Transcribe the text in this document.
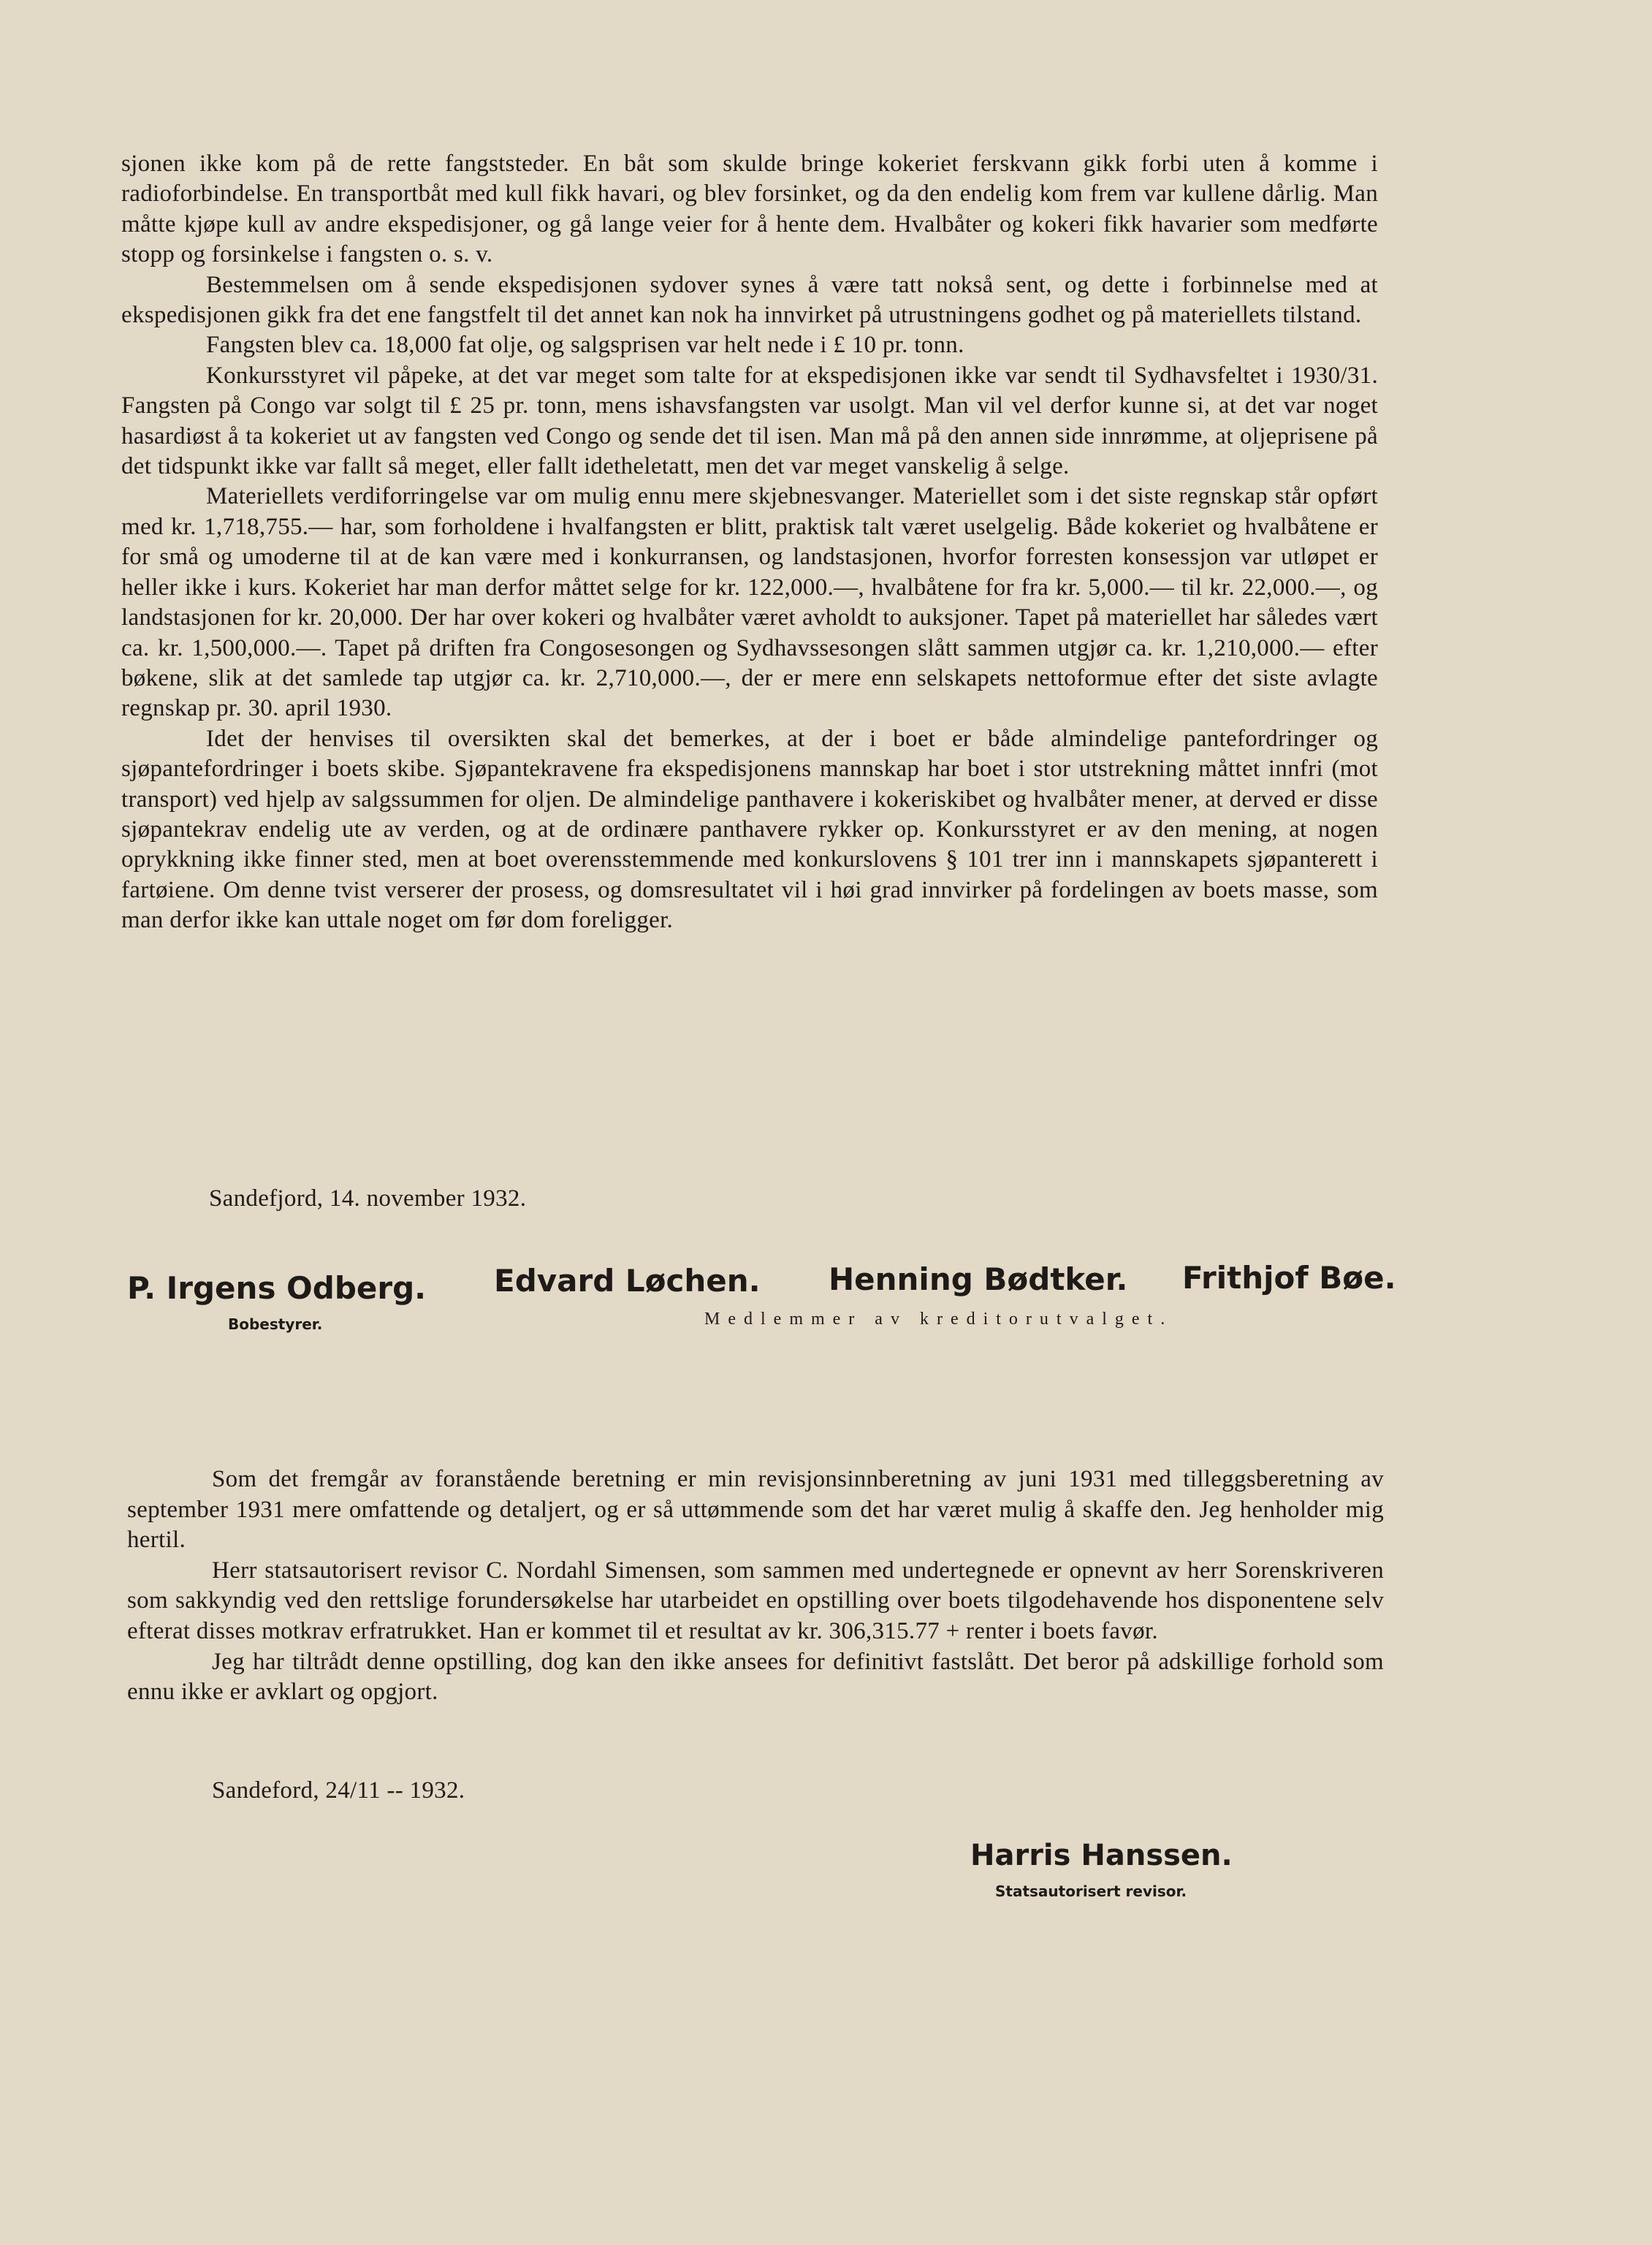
sjonen ikke kom på de rette fangststeder. En båt som skulde bringe kokeriet ferskvann gikk forbi uten å komme i radioforbindelse. En transportbåt med kull fikk havari, og blev forsinket, og da den endelig kom frem var kullene dårlig. Man måtte kjøpe kull av andre ekspedisjoner, og gå lange veier for å hente dem. Hvalbåter og kokeri fikk havarier som medførte stopp og forsinkelse i fangsten o. s. v.

Bestemmelsen om å sende ekspedisjonen sydover synes å være tatt nokså sent, og dette i forbinnelse med at ekspedisjonen gikk fra det ene fangstfelt til det annet kan nok ha innvirket på utrustningens godhet og på materiellets tilstand.

Fangsten blev ca. 18,000 fat olje, og salgsprisen var helt nede i £ 10 pr. tonn.

Konkursstyret vil påpeke, at det var meget som talte for at ekspedisjonen ikke var sendt til Sydhavsfeltet i 1930/31. Fangsten på Congo var solgt til £ 25 pr. tonn, mens ishavsfangsten var usolgt. Man vil vel derfor kunne si, at det var noget hasardiøst å ta kokeriet ut av fangsten ved Congo og sende det til isen. Man må på den annen side innrømme, at oljeprisene på det tidspunkt ikke var fallt så meget, eller fallt idetheletatt, men det var meget vanskelig å selge.

Materiellets verdiforringelse var om mulig ennu mere skjebnesvanger. Materiellet som i det siste regnskap står opført med kr. 1,718,755.— har, som forholdene i hvalfangsten er blitt, praktisk talt været uselgelig. Både kokeriet og hvalbåtene er for små og umoderne til at de kan være med i konkurransen, og landstasjonen, hvorfor forresten konsessjon var utløpet er heller ikke i kurs. Kokeriet har man derfor måttet selge for kr. 122,000.—, hvalbåtene for fra kr. 5,000.— til kr. 22,000.—, og landstasjonen for kr. 20,000. Der har over kokeri og hvalbåter været avholdt to auksjoner. Tapet på materiellet har således vært ca. kr. 1,500,000.—. Tapet på driften fra Congosesongen og Sydhavssesongen slått sammen utgjør ca. kr. 1,210,000.— efter bøkene, slik at det samlede tap utgjør ca. kr. 2,710,000.—, der er mere enn selskapets nettoformue efter det siste avlagte regnskap pr. 30. april 1930.

Idet der henvises til oversikten skal det bemerkes, at der i boet er både almindelige pantefordringer og sjøpantefordringer i boets skibe. Sjøpantekravene fra ekspedisjonens mannskap har boet i stor utstrekning måttet innfri (mot transport) ved hjelp av salgssummen for oljen. De almindelige panthavere i kokeriskibet og hvalbåter mener, at derved er disse sjøpantekrav endelig ute av verden, og at de ordinære panthavere rykker op. Konkursstyret er av den mening, at nogen oprykkning ikke finner sted, men at boet overensstemmende med konkurslovens § 101 trer inn i mannskapets sjøpanterett i fartøiene. Om denne tvist verserer der prosess, og domsresultatet vil i høi grad innvirker på fordelingen av boets masse, som man derfor ikke kan uttale noget om før dom foreligger.

Sandefjord, 14. november 1932.
P. Irgens Odberg.
Bobestyrer.
Edvard Løchen. Henning Bødtker. Frithjof Bøe.
Medlemmer av kreditorutvalget.

Som det fremgår av foranstående beretning er min revisjonsinnberetning av juni 1931 med tilleggsberetning av september 1931 mere omfattende og detaljert, og er så uttømmende som det har været mulig å skaffe den. Jeg henholder mig hertil.

Herr statsautorisert revisor C. Nordahl Simensen, som sammen med undertegnede er opnevnt av herr Sorenskriveren som sakkyndig ved den rettslige forundersøkelse har utarbeidet en opstilling over boets tilgodehavende hos disponentene selv efterat disses motkrav erfratrukket. Han er kommet til et resultat av kr. 306,315.77 + renter i boets favør.

Jeg har tiltrådt denne opstilling, dog kan den ikke ansees for definitivt fastslått. Det beror på adskillige forhold som ennu ikke er avklart og opgjort.

Sandeford, 24/11 -- 1932.
Harris Hanssen.
Statsautorisert revisor.
